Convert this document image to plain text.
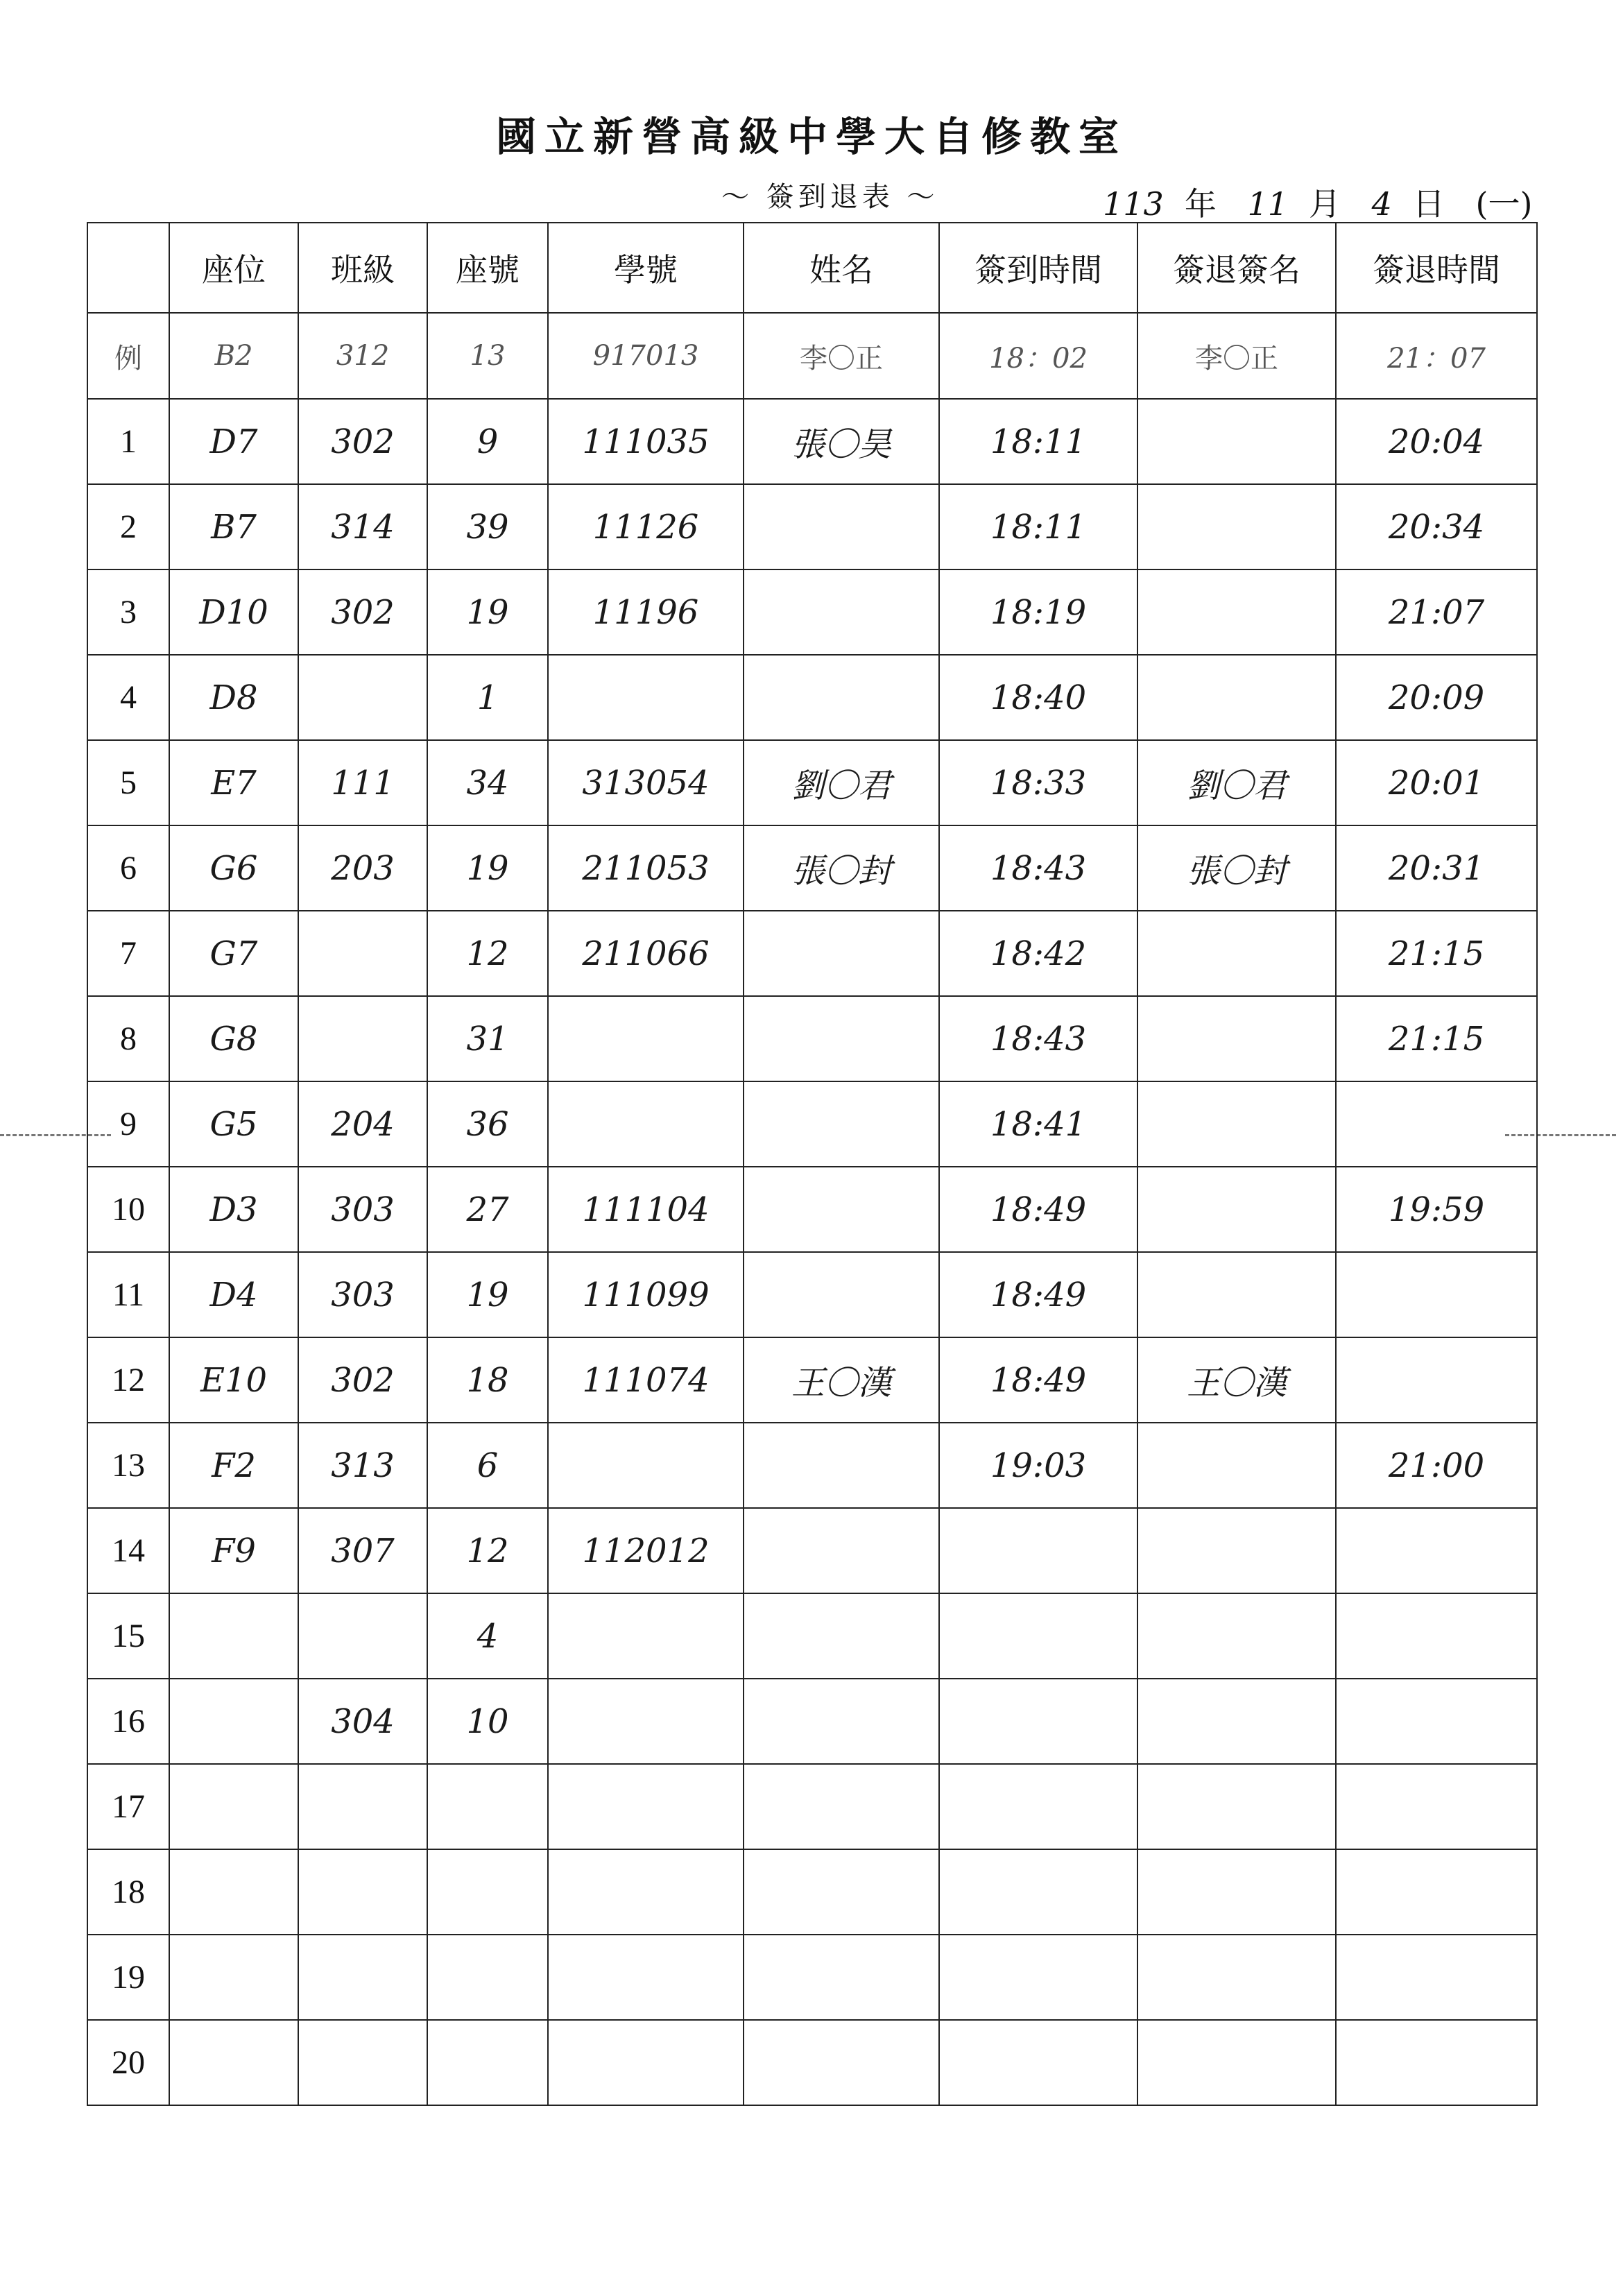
國立新營高級中學大自修教室
～ 簽到退表 ～	113 年 11 月 4 日 (一)
	座位	班級	座號	學號	姓名	簽到時間	簽退簽名	簽退時間
例	B2	312	13	917013	李〇正	18：02	李〇正	21：07
1	D7	302	9	111035	張〇昊	18:11		20:04
2	B7	314	39	11126		18:11		20:34
3	D10	302	19	11196		18:19		21:07
4	D8		1			18:40		20:09
5	E7	111	34	313054	劉〇君	18:33	劉〇君	20:01
6	G6	203	19	211053	張〇封	18:43	張〇封	20:31
7	G7		12	211066		18:42		21:15
8	G8		31			18:43		21:15
9	G5	204	36			18:41		
10	D3	303	27	111104		18:49		19:59
11	D4	303	19	111099		18:49		
12	E10	302	18	111074	王〇漢	18:49	王〇漢	
13	F2	313	6			19:03		21:00
14	F9	307	12	112012				
15			4					
16		304	10					
17								
18								
19								
20								
